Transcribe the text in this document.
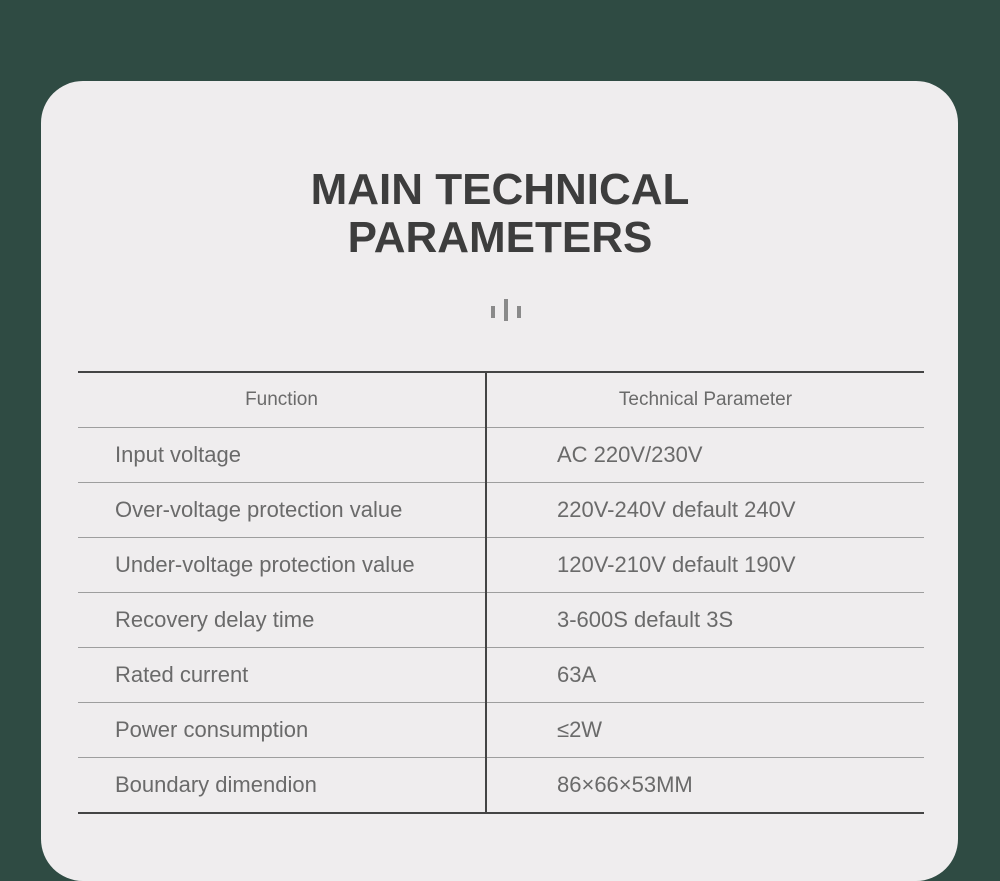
MAIN TECHNICAL
PARAMETERS
Function	Technical Parameter
Input voltage	AC 220V/230V
Over-voltage protection value	220V-240V default 240V
Under-voltage protection value	120V-210V default 190V
Recovery delay time	3-600S default 3S
Rated current	63A
Power consumption	≤2W
Boundary dimendion	86×66×53MM
